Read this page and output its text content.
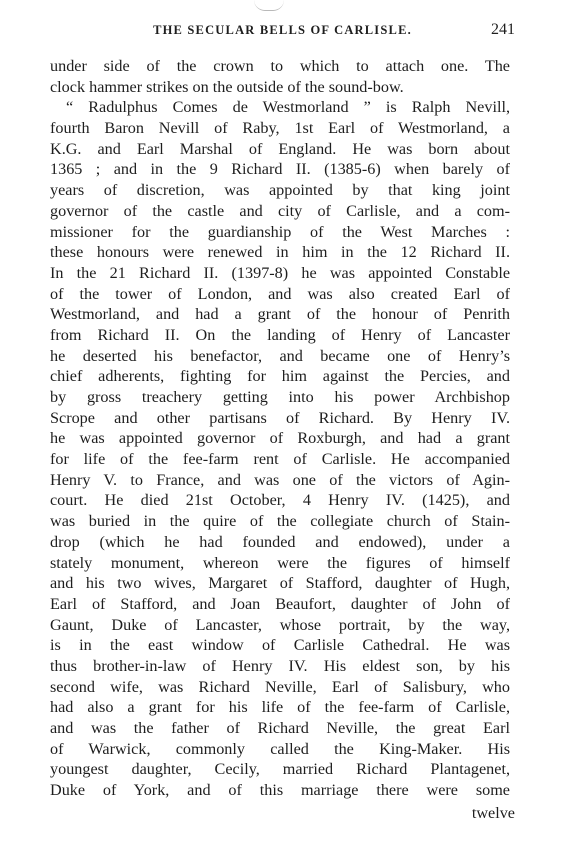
THE SECULAR BELLS OF CARLISLE.	241
under side of the crown to which to attach one. The
clock hammer strikes on the outside of the sound-bow.
“ Radulphus Comes de Westmorland ” is Ralph Nevill,
fourth Baron Nevill of Raby, 1st Earl of Westmorland, a
K.G. and Earl Marshal of England. He was born about
1365 ; and in the 9 Richard II. (1385-6) when barely of
years of discretion, was appointed by that king joint
governor of the castle and city of Carlisle, and a com-
missioner for the guardianship of the West Marches :
these honours were renewed in him in the 12 Richard II.
In the 21 Richard II. (1397-8) he was appointed Constable
of the tower of London, and was also created Earl of
Westmorland, and had a grant of the honour of Penrith
from Richard II. On the landing of Henry of Lancaster
he deserted his benefactor, and became one of Henry’s
chief adherents, fighting for him against the Percies, and
by gross treachery getting into his power Archbishop
Scrope and other partisans of Richard. By Henry IV.
he was appointed governor of Roxburgh, and had a grant
for life of the fee-farm rent of Carlisle. He accompanied
Henry V. to France, and was one of the victors of Agin-
court. He died 21st October, 4 Henry IV. (1425), and
was buried in the quire of the collegiate church of Stain-
drop (which he had founded and endowed), under a
stately monument, whereon were the figures of himself
and his two wives, Margaret of Stafford, daughter of Hugh,
Earl of Stafford, and Joan Beaufort, daughter of John of
Gaunt, Duke of Lancaster, whose portrait, by the way,
is in the east window of Carlisle Cathedral. He was
thus brother-in-law of Henry IV. His eldest son, by his
second wife, was Richard Neville, Earl of Salisbury, who
had also a grant for his life of the fee-farm of Carlisle,
and was the father of Richard Neville, the great Earl
of Warwick, commonly called the King-Maker. His
youngest daughter, Cecily, married Richard Plantagenet,
Duke of York, and of this marriage there were some
twelve
